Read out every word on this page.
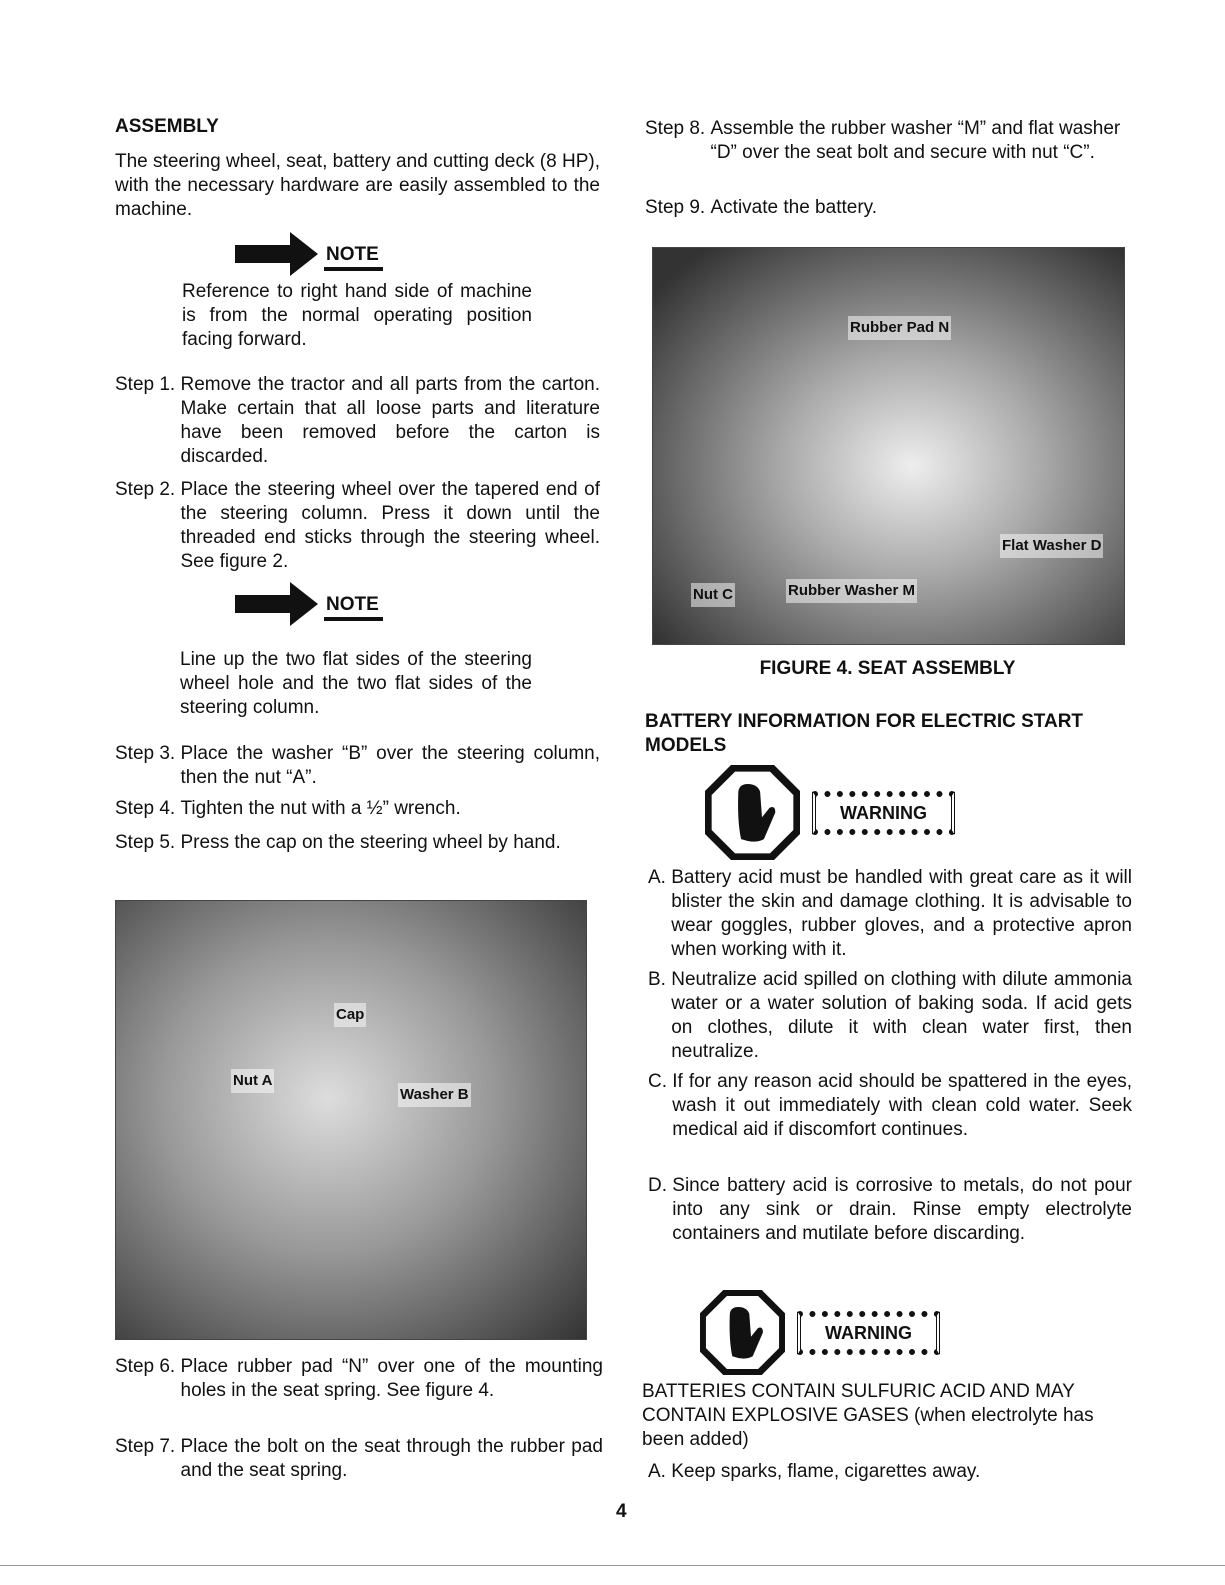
ASSEMBLY
The steering wheel, seat, battery and cutting deck (8 HP), with the necessary hardware are easily assembled to the machine.
NOTE
Reference to right hand side of machine is from the normal operating position facing forward.
Step 1. Remove the tractor and all parts from the carton. Make certain that all loose parts and literature have been removed before the carton is discarded.
Step 2. Place the steering wheel over the tapered end of the steering column. Press it down until the threaded end sticks through the steering wheel. See figure 2.
NOTE
Line up the two flat sides of the steering wheel hole and the two flat sides of the steering column.
Step 3. Place the washer “B” over the steering column, then the nut “A”.
Step 4. Tighten the nut with a ½” wrench.
Step 5. Press the cap on the steering wheel by hand.
Cap
Nut A
Washer B
Step 6. Place rubber pad “N” over one of the mounting holes in the seat spring. See figure 4.
Step 7. Place the bolt on the seat through the rubber pad and the seat spring.
Step 8. Assemble the rubber washer “M” and flat washer “D” over the seat bolt and secure with nut “C”.
Step 9. Activate the battery.
Rubber Pad N
Flat Washer D
Nut C	Rubber Washer M
FIGURE 4. SEAT ASSEMBLY
BATTERY INFORMATION FOR ELECTRIC START MODELS
WARNING
A. Battery acid must be handled with great care as it will blister the skin and damage clothing. It is advisable to wear goggles, rubber gloves, and a protective apron when working with it.
B. Neutralize acid spilled on clothing with dilute ammonia water or a water solution of baking soda. If acid gets on clothes, dilute it with clean water first, then neutralize.
C. If for any reason acid should be spattered in the eyes, wash it out immediately with clean cold water. Seek medical aid if discomfort continues.
D. Since battery acid is corrosive to metals, do not pour into any sink or drain. Rinse empty electrolyte containers and mutilate before discarding.
WARNING
BATTERIES CONTAIN SULFURIC ACID AND MAY CONTAIN EXPLOSIVE GASES (when electrolyte has been added)
A. Keep sparks, flame, cigarettes away.
4
